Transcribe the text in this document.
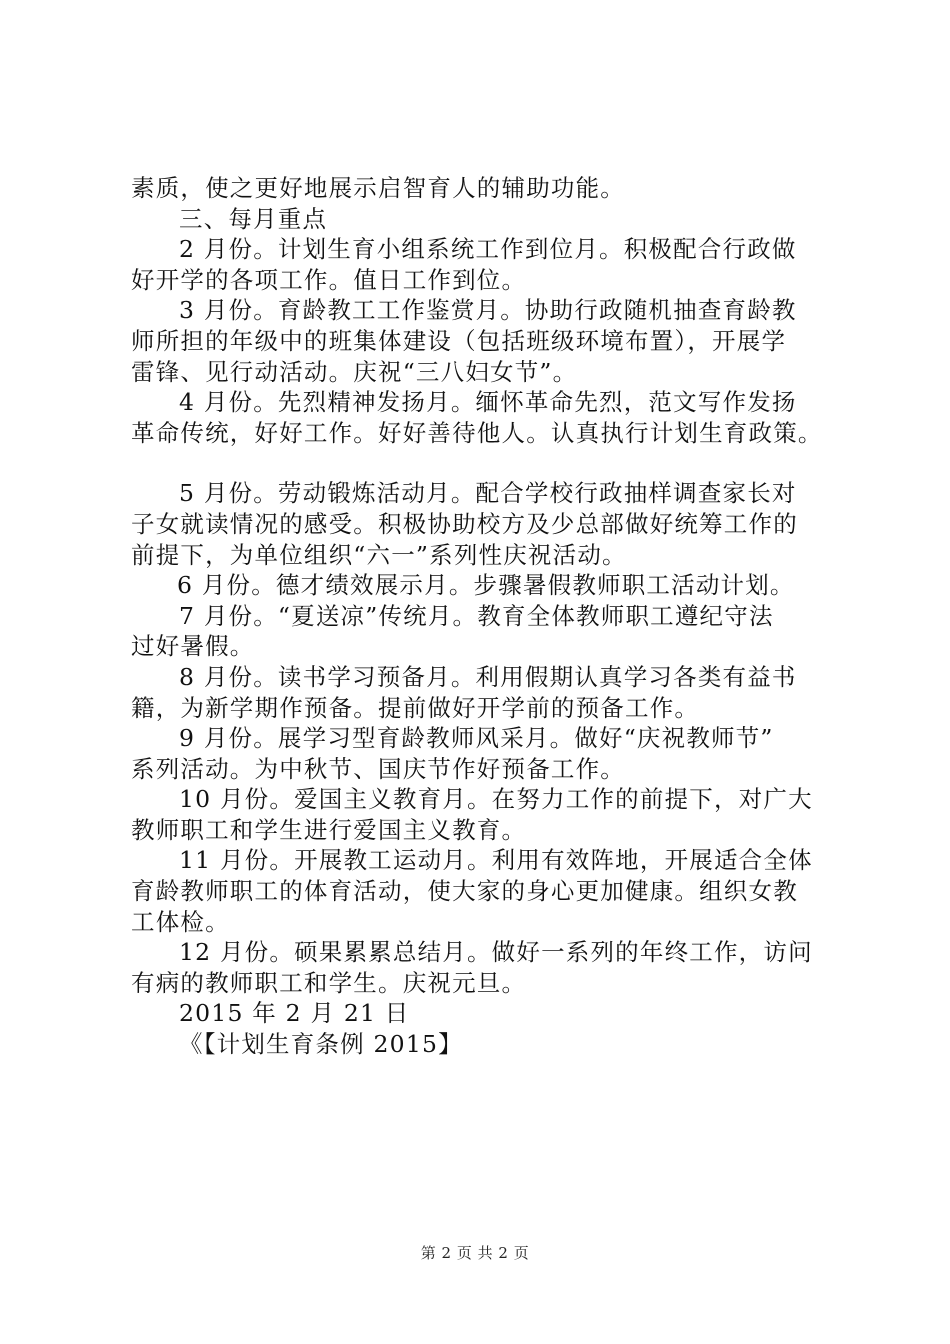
素质，使之更好地展示启智育人的辅助功能。

三、每月重点

2 月份。计划生育小组系统工作到位月。积极配合行政做

好开学的各项工作。值日工作到位。

3 月份。育龄教工工作鉴赏月。协助行政随机抽查育龄教

师所担的年级中的班集体建设（包括班级环境布置），开展学

雷锋、见行动活动。庆祝“三八妇女节”。

4 月份。先烈精神发扬月。缅怀革命先烈，范文写作发扬

革命传统，好好工作。好好善待他人。认真执行计划生育政策。

5 月份。劳动锻炼活动月。配合学校行政抽样调查家长对

子女就读情况的感受。积极协助校方及少总部做好统筹工作的

前提下，为单位组织“六一”系列性庆祝活动。

6 月份。德才绩效展示月。步骤暑假教师职工活动计划。

7 月份。“夏送凉”传统月。教育全体教师职工遵纪守法

过好暑假。

8 月份。读书学习预备月。利用假期认真学习各类有益书

籍，为新学期作预备。提前做好开学前的预备工作。

9 月份。展学习型育龄教师风采月。做好“庆祝教师节”

系列活动。为中秋节、国庆节作好预备工作。

10 月份。爱国主义教育月。在努力工作的前提下，对广大

教师职工和学生进行爱国主义教育。

11 月份。开展教工运动月。利用有效阵地，开展适合全体

育龄教师职工的体育活动，使大家的身心更加健康。组织女教

工体检。

12 月份。硕果累累总结月。做好一系列的年终工作，访问

有病的教师职工和学生。庆祝元旦。

2015 年 2 月 21 日

《【计划生育条例 2015】

第 2 页 共 2 页
